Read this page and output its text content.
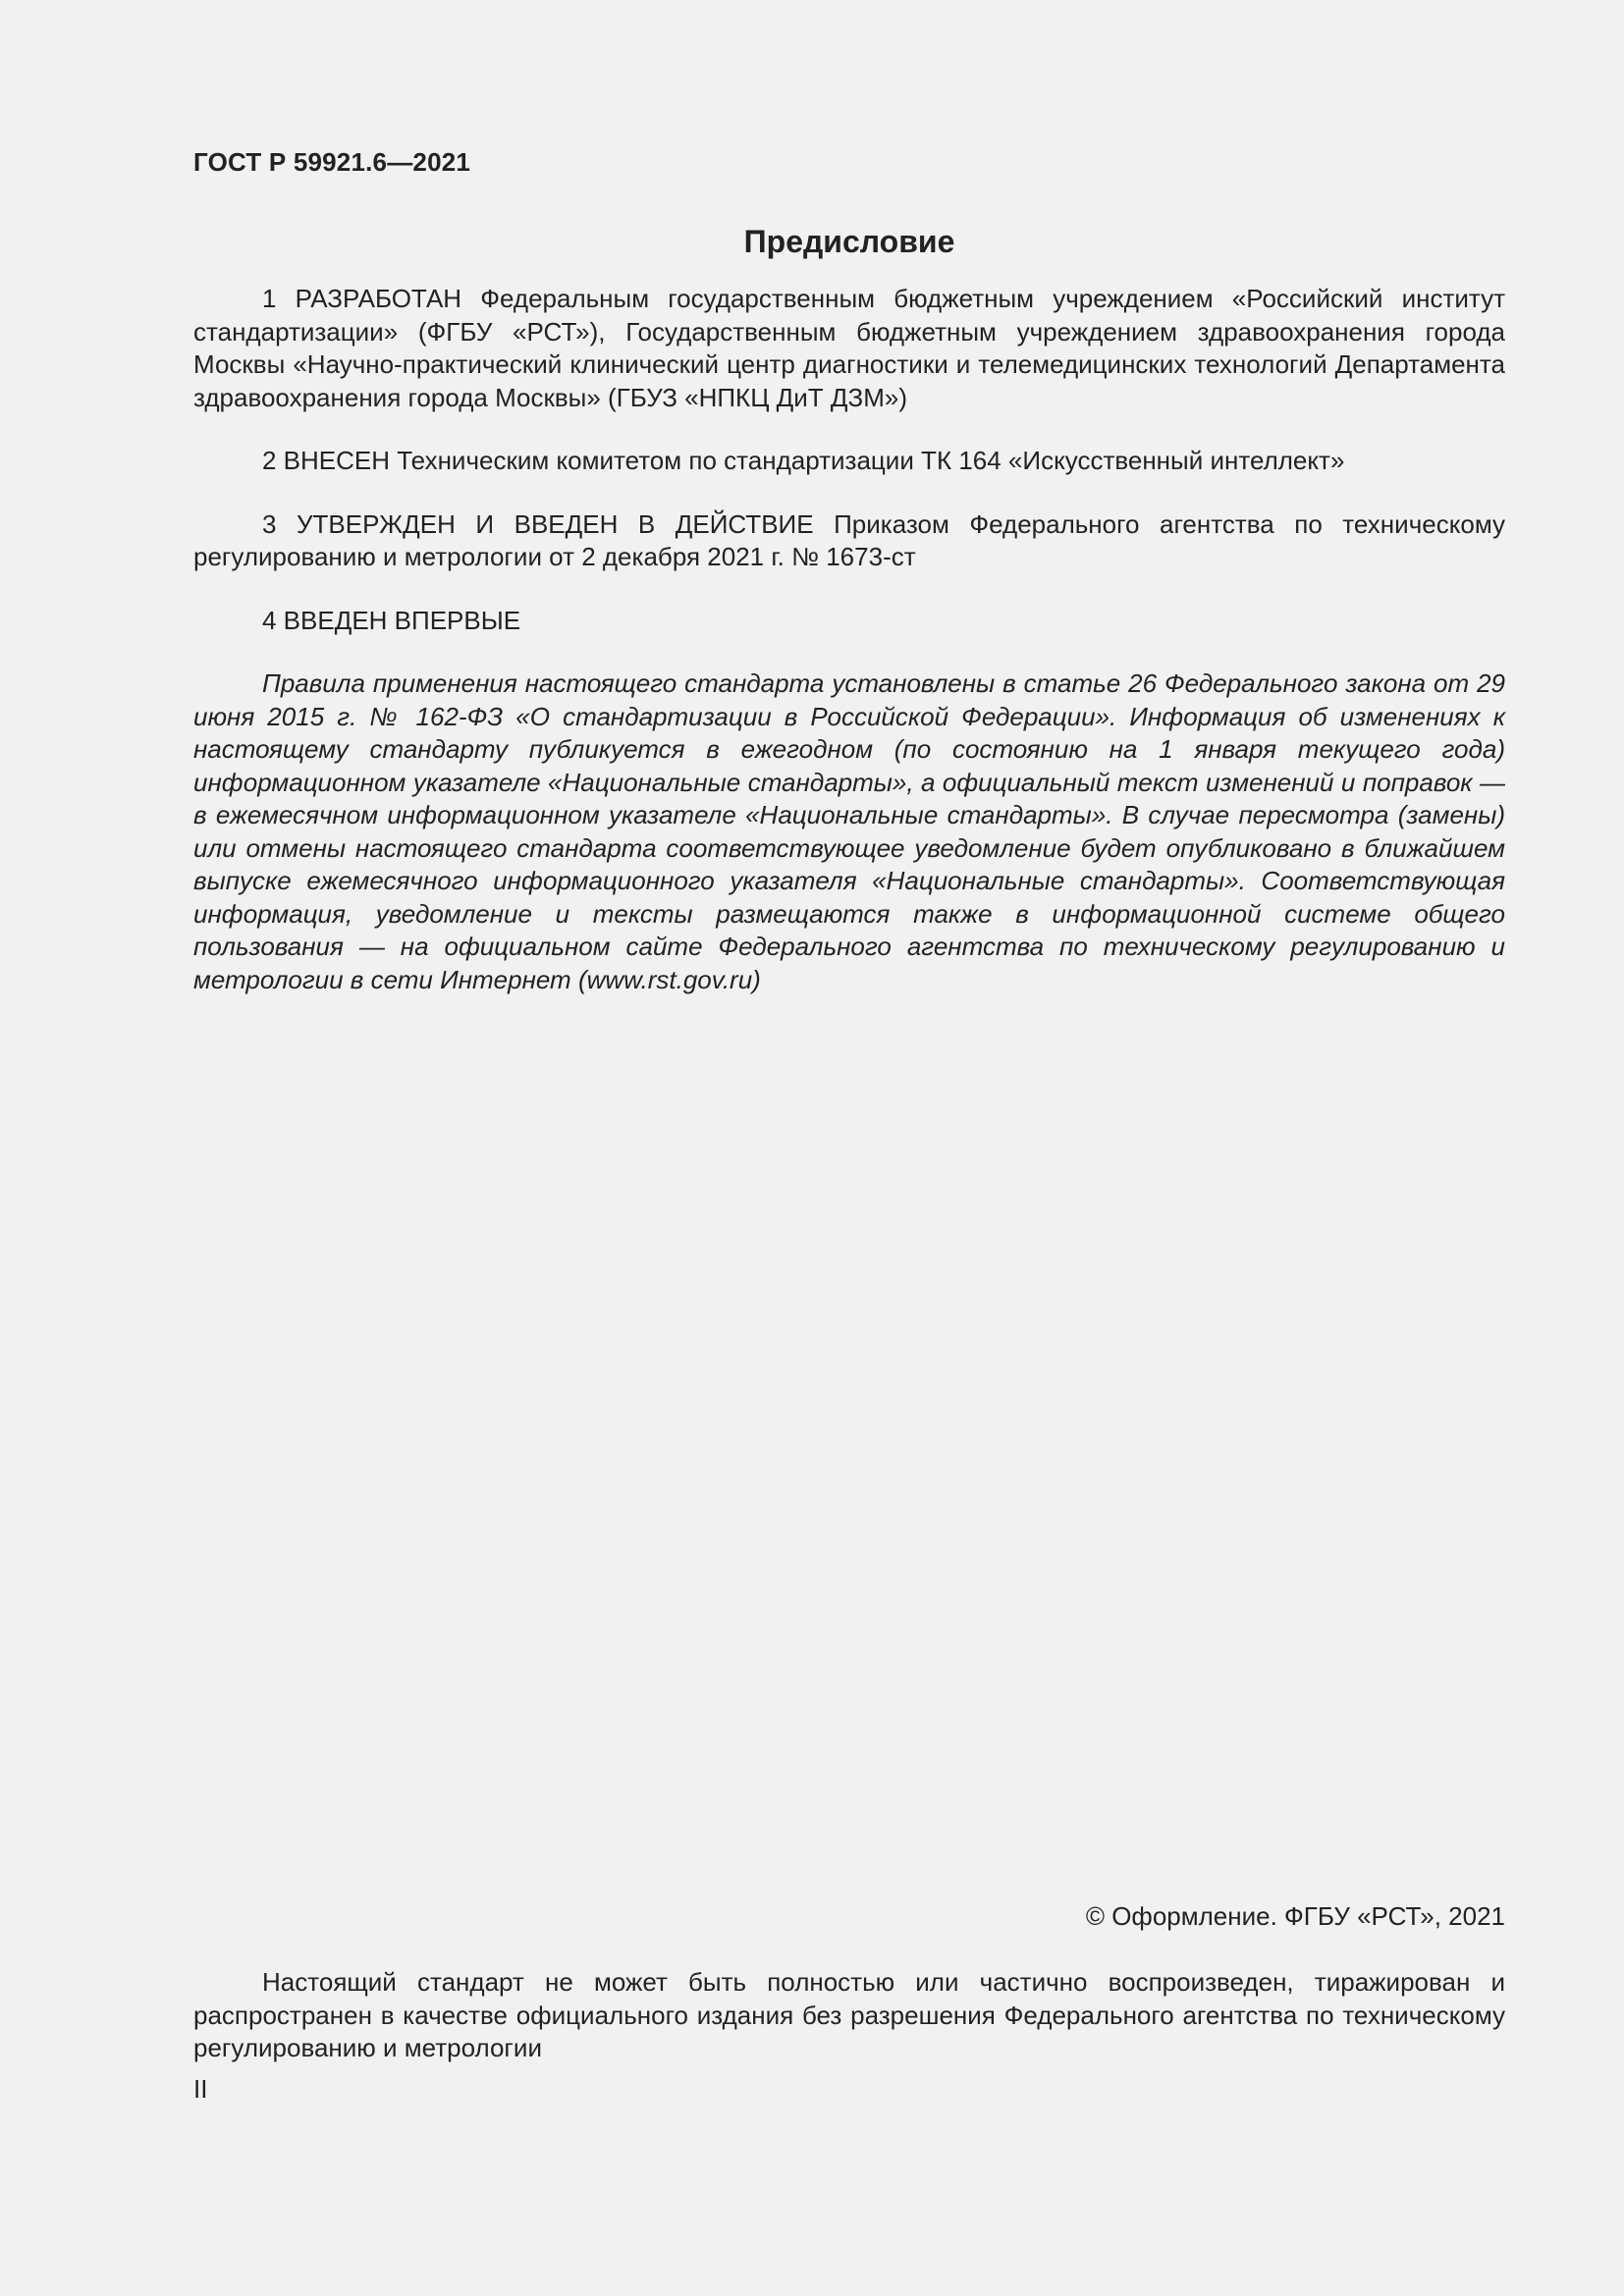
ГОСТ Р 59921.6—2021
Предисловие

1 РАЗРАБОТАН Федеральным государственным бюджетным учреждением «Российский институт стандартизации» (ФГБУ «РСТ»), Государственным бюджетным учреждением здравоохранения города Москвы «Научно-практический клинический центр диагностики и телемедицинских технологий Департамента здравоохранения города Москвы» (ГБУЗ «НПКЦ ДиТ ДЗМ»)

2 ВНЕСЕН Техническим комитетом по стандартизации ТК 164 «Искусственный интеллект»

3 УТВЕРЖДЕН И ВВЕДЕН В ДЕЙСТВИЕ Приказом Федерального агентства по техническому регулированию и метрологии от 2 декабря 2021 г. № 1673-ст

4 ВВЕДЕН ВПЕРВЫЕ

Правила применения настоящего стандарта установлены в статье 26 Федерального закона от 29 июня 2015 г. № 162-ФЗ «О стандартизации в Российской Федерации». Информация об изменениях к настоящему стандарту публикуется в ежегодном (по состоянию на 1 января текущего года) информационном указателе «Национальные стандарты», а официальный текст изменений и поправок — в ежемесячном информационном указателе «Национальные стандарты». В случае пересмотра (замены) или отмены настоящего стандарта соответствующее уведомление будет опубликовано в ближайшем выпуске ежемесячного информационного указателя «Национальные стандарты». Соответствующая информация, уведомление и тексты размещаются также в информационной системе общего пользования — на официальном сайте Федерального агентства по техническому регулированию и метрологии в сети Интернет (www.rst.gov.ru)

© Оформление. ФГБУ «РСТ», 2021

Настоящий стандарт не может быть полностью или частично воспроизведен, тиражирован и распространен в качестве официального издания без разрешения Федерального агентства по техническому регулированию и метрологии

II
